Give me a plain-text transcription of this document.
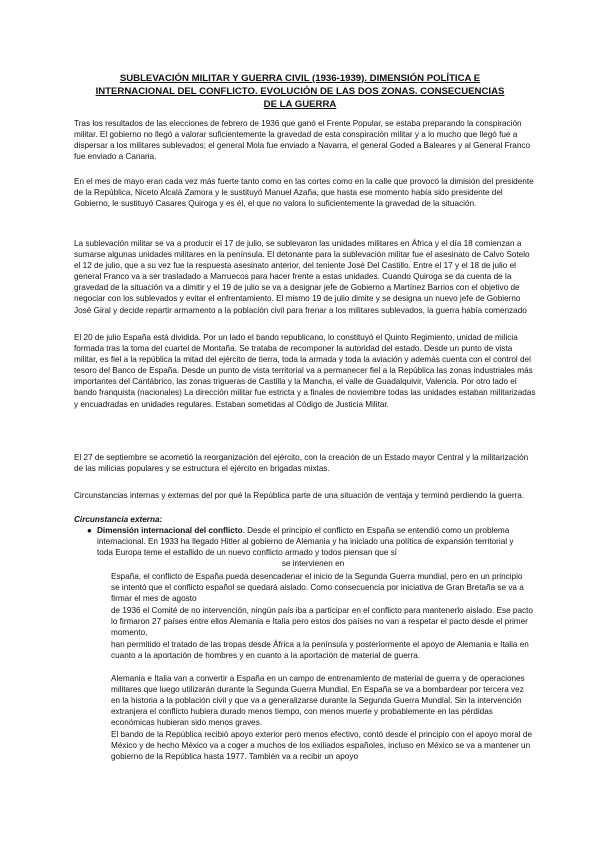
SUBLEVACIÓN MILITAR Y GUERRA CIVIL (1936-1939). DIMENSIÓN POLÍTICA E INTERNACIONAL DEL CONFLICTO. EVOLUCIÓN DE LAS DOS ZONAS. CONSECUENCIAS DE LA GUERRA

Tras los resultados de las elecciones de febrero de 1936 que ganó el Frente Popular, se estaba preparando la conspiración militar. El gobierno no llegó a valorar suficientemente la gravedad de esta conspiración militar y a lo mucho que llegó fue a dispersar a los militares sublevados; el general Mola fue enviado a Navarra, el general Goded a Baleares y al General Franco fue enviado a Canaria.

En el mes de mayo eran cada vez más fuerte tanto como en las cortes como en la calle que provocó la dimisión del presidente de la República, Niceto Alcalá Zamora y le sustituyó Manuel Azaña, que hasta ese momento había sido presidente del Gobierno, le sustituyó Casares Quiroga y es él, el que no valora lo suficientemente la gravedad de la situación.

La sublevación militar se va a producir el 17 de julio, se sublevaron las unidades militares en África y el día 18 comienzan a sumarse algunas unidades militares en la península. El detonante para la sublevación militar fue el asesinato de Calvo Sotelo el 12 de julio, que a su vez fue la respuesta asesinato anterior, del teniente José Del Castillo. Entre el 17 y el 18 de julio el general Franco va a ser trasladado a Marruecos para hacer frente a estas unidades. Cuando Quiroga se da cuenta de la gravedad de la situación va a dimitir y el 19 de julio se va a designar jefe de Gobierno a Martínez Barrios con el objetivo de negociar con los sublevados y evitar el enfrentamiento. El mismo 19 de julio dimite y se designa un nuevo jefe de Gobierno José Giral y decide repartir armamento a la población civil para frenar a los militares sublevados, la guerra había comenzado

El 20 de julio España está dividida. Por un lado el bando republicano, lo constituyó el Quinto Regimiento, unidad de milicia formada tras la toma del cuartel de Montaña. Se trataba de recomponer la autoridad del estado. Desde un punto de vista militar, es fiel a la república la mitad del ejército de tierra, toda la armada y toda la aviación y además cuenta con el control del tesoro del Banco de España. Desde un punto de vista territorial va a permanecer fiel a la República las zonas industriales más importantes del Cantábrico, las zonas trigueras de Castilla y la Mancha, el valle de Guadalquivir, Valencia. Por otro lado el bando franquista (nacionales) La dirección militar fue estricta y a finales de noviembre todas las unidades estaban militarizadas y encuadradas en unidades regulares. Estaban sometidas al Código de Justicia Militar.

El 27 de septiembre se acometió la reorganización del ejército, con la creación de un Estado mayor Central y la militarización de las milicias populares y se estructura el ejército en brigadas mixtas.

Circunstancias internas y externas del por qué la República parte de una situación de ventaja y terminó perdiendo la guerra.

Circunstancia externa:

● Dimensión internacional del conflicto. Desde el principio el conflicto en España se entendió como un problema internacional. En 1933 ha llegado Hitler al gobierno de Alemania y ha iniciado una política de expansión territorial y toda Europa teme el estallido de un nuevo conflicto armado y todos piensan que sí
se intervienen en

España, el conflicto de España pueda desencadenar el inicio de la Segunda Guerra mundial, pero en un principio se intentó que el conflicto español se quedará aislado. Como consecuencia por iniciativa de Gran Bretaña se va a firmar el mes de agosto

de 1936 el Comité de no intervención, ningún país iba a participar en el conflicto para mantenerlo aislado. Ese pacto lo firmaron 27 países entre ellos Alemania e Italia pero estos dos países no van a respetar el pacto desde el primer momento,

han permitido el tratado de las tropas desde África a la península y posteriormente el apoyo de Alemania e Italia en cuanto a la aportación de hombres y en cuanto a la aportación de material de guerra.

Alemania e Italia van a convertir a España en un campo de entrenamiento de material de guerra y de operaciones militares que luego utilizarán durante la Segunda Guerra Mundial. En España se va a bombardear por tercera vez en la historia a la población civil y que va a generalizarse durante la Segunda Guerra Mundial. Sin la intervención extranjera el conflicto hubiera durado menos tiempo, con menos muerte y probablemente en las pérdidas económicas hubieran sido menos graves.

El bando de la República recibió apoyo exterior pero menos efectivo, contó desde el principio con el apoyo moral de México y de hecho México va a coger a muchos de los exiliados españoles, incluso en México se va a mantener un gobierno de la República hasta 1977. También va a recibir un apoyo
